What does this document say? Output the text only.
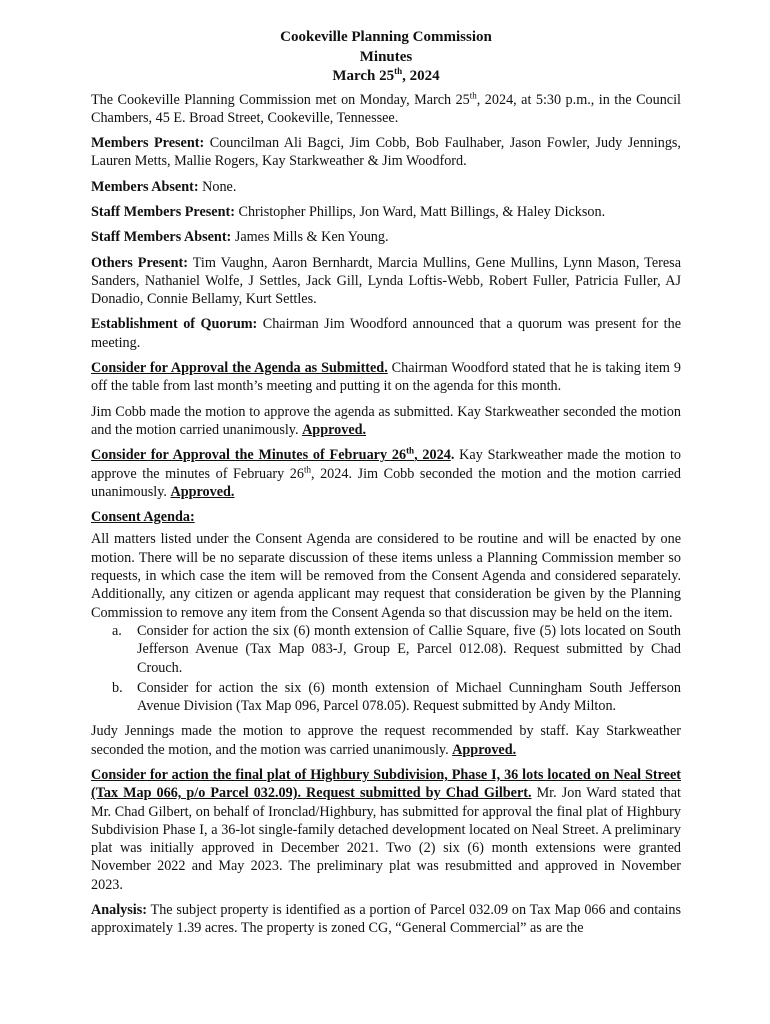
Cookeville Planning Commission
Minutes
March 25th, 2024

The Cookeville Planning Commission met on Monday, March 25th, 2024, at 5:30 p.m., in the Council Chambers, 45 E. Broad Street, Cookeville, Tennessee.

Members Present: Councilman Ali Bagci, Jim Cobb, Bob Faulhaber, Jason Fowler, Judy Jennings, Lauren Metts, Mallie Rogers, Kay Starkweather & Jim Woodford.

Members Absent: None.

Staff Members Present: Christopher Phillips, Jon Ward, Matt Billings, & Haley Dickson.

Staff Members Absent: James Mills & Ken Young.

Others Present: Tim Vaughn, Aaron Bernhardt, Marcia Mullins, Gene Mullins, Lynn Mason, Teresa Sanders, Nathaniel Wolfe, J Settles, Jack Gill, Lynda Loftis-Webb, Robert Fuller, Patricia Fuller, AJ Donadio, Connie Bellamy, Kurt Settles.

Establishment of Quorum: Chairman Jim Woodford announced that a quorum was present for the meeting.

Consider for Approval the Agenda as Submitted. Chairman Woodford stated that he is taking item 9 off the table from last month’s meeting and putting it on the agenda for this month.

Jim Cobb made the motion to approve the agenda as submitted. Kay Starkweather seconded the motion and the motion carried unanimously. Approved.

Consider for Approval the Minutes of February 26th, 2024. Kay Starkweather made the motion to approve the minutes of February 26th, 2024. Jim Cobb seconded the motion and the motion carried unanimously. Approved.

Consent Agenda:

All matters listed under the Consent Agenda are considered to be routine and will be enacted by one motion. There will be no separate discussion of these items unless a Planning Commission member so requests, in which case the item will be removed from the Consent Agenda and considered separately. Additionally, any citizen or agenda applicant may request that consideration be given by the Planning Commission to remove any item from the Consent Agenda so that discussion may be held on the item.

a. Consider for action the six (6) month extension of Callie Square, five (5) lots located on South Jefferson Avenue (Tax Map 083-J, Group E, Parcel 012.08). Request submitted by Chad Crouch.
b. Consider for action the six (6) month extension of Michael Cunningham South Jefferson Avenue Division (Tax Map 096, Parcel 078.05). Request submitted by Andy Milton.

Judy Jennings made the motion to approve the request recommended by staff. Kay Starkweather seconded the motion, and the motion was carried unanimously. Approved.

Consider for action the final plat of Highbury Subdivision, Phase I, 36 lots located on Neal Street (Tax Map 066, p/o Parcel 032.09). Request submitted by Chad Gilbert. Mr. Jon Ward stated that Mr. Chad Gilbert, on behalf of Ironclad/Highbury, has submitted for approval the final plat of Highbury Subdivision Phase I, a 36-lot single-family detached development located on Neal Street. A preliminary plat was initially approved in December 2021. Two (2) six (6) month extensions were granted November 2022 and May 2023. The preliminary plat was resubmitted and approved in November 2023.

Analysis: The subject property is identified as a portion of Parcel 032.09 on Tax Map 066 and contains approximately 1.39 acres. The property is zoned CG, “General Commercial” as are the
